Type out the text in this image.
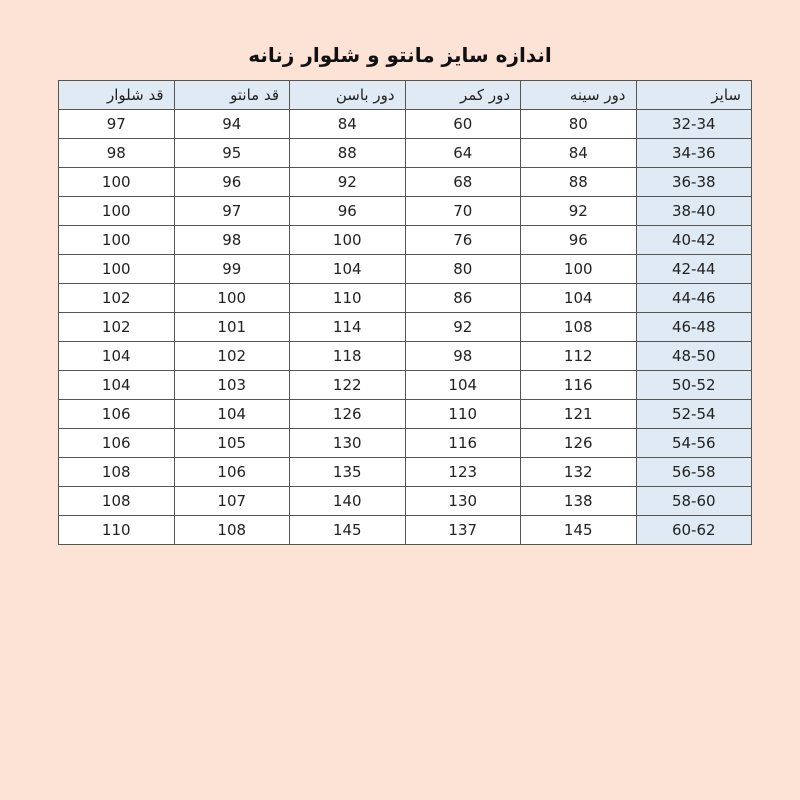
اندازه سایز مانتو و شلوار زنانه
سایز	دور سینه	دور کمر	دور باسن	قد مانتو	قد شلوار
32-34	80	60	84	94	97
34-36	84	64	88	95	98
36-38	88	68	92	96	100
38-40	92	70	96	97	100
40-42	96	76	100	98	100
42-44	100	80	104	99	100
44-46	104	86	110	100	102
46-48	108	92	114	101	102
48-50	112	98	118	102	104
50-52	116	104	122	103	104
52-54	121	110	126	104	106
54-56	126	116	130	105	106
56-58	132	123	135	106	108
58-60	138	130	140	107	108
60-62	145	137	145	108	110
